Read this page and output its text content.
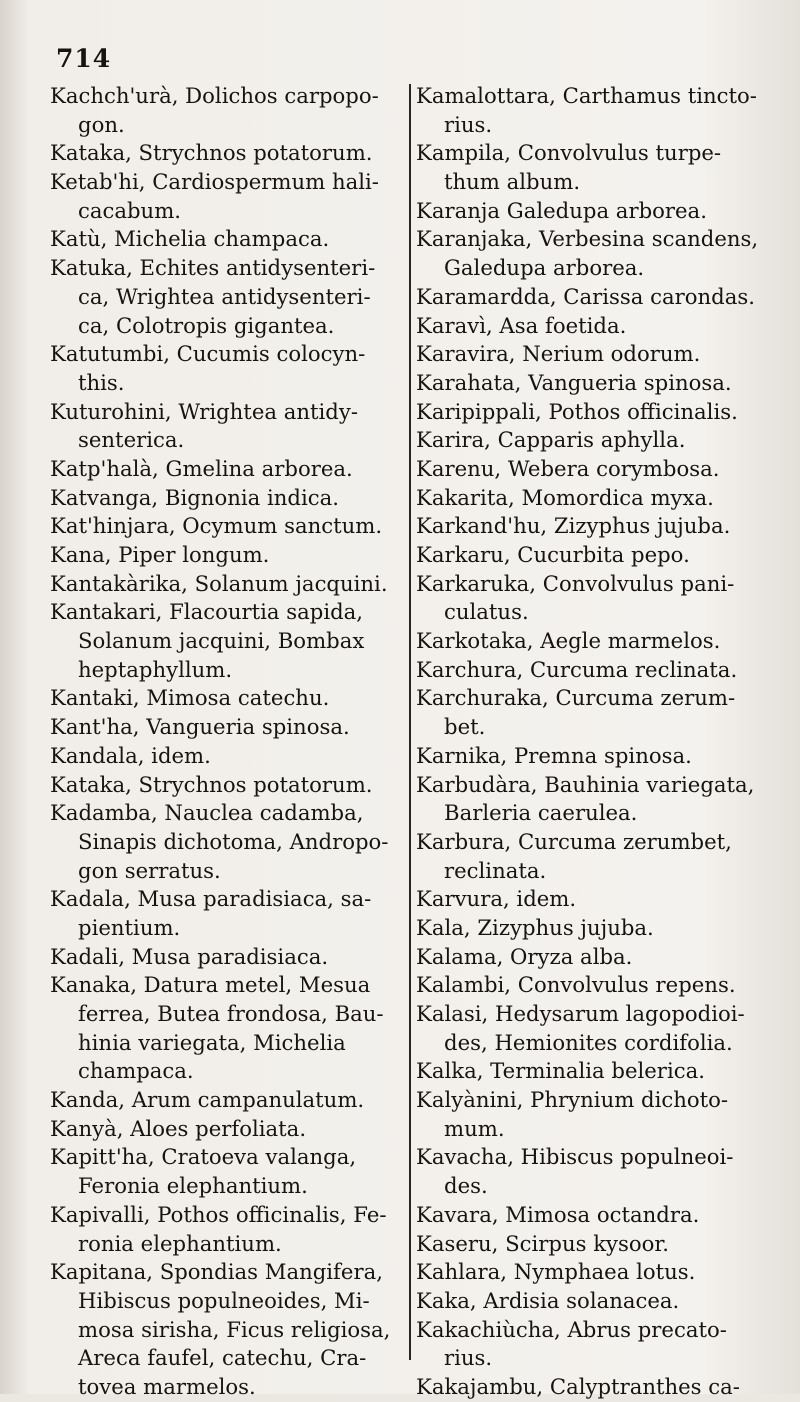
714
Kachch'urà, Dolichos carpopo-
gon.
Kataka, Strychnos potatorum.
Ketab'hi, Cardiospermum hali-
cacabum.
Katù, Michelia champaca.
Katuka, Echites antidysenteri-
ca, Wrightea antidysenteri-
ca, Colotropis gigantea.
Katutumbi, Cucumis colocyn-
this.
Kuturohini, Wrightea antidy-
senterica.
Katp'halà, Gmelina arborea.
Katvanga, Bignonia indica.
Kat'hinjara, Ocymum sanctum.
Kana, Piper longum.
Kantakàrika, Solanum jacquini.
Kantakari, Flacourtia sapida,
Solanum jacquini, Bombax
heptaphyllum.
Kantaki, Mimosa catechu.
Kant'ha, Vangueria spinosa.
Kandala, idem.
Kataka, Strychnos potatorum.
Kadamba, Nauclea cadamba,
Sinapis dichotoma, Andropo-
gon serratus.
Kadala, Musa paradisiaca, sa-
pientium.
Kadali, Musa paradisiaca.
Kanaka, Datura metel, Mesua
ferrea, Butea frondosa, Bau-
hinia variegata, Michelia
champaca.
Kanda, Arum campanulatum.
Kanyà, Aloes perfoliata.
Kapitt'ha, Cratoeva valanga,
Feronia elephantium.
Kapivalli, Pothos officinalis, Fe-
ronia elephantium.
Kapitana, Spondias Mangifera,
Hibiscus populneoides, Mi-
mosa sirisha, Ficus religiosa,
Areca faufel, catechu, Cra-
tovea marmelos.
Kamalottara, Carthamus tincto-
rius.
Kampila, Convolvulus turpe-
thum album.
Karanja Galedupa arborea.
Karanjaka, Verbesina scandens,
Galedupa arborea.
Karamardda, Carissa carondas.
Karavì, Asa foetida.
Karavira, Nerium odorum.
Karahata, Vangueria spinosa.
Karipippali, Pothos officinalis.
Karira, Capparis aphylla.
Karenu, Webera corymbosa.
Kakarita, Momordica myxa.
Karkand'hu, Zizyphus jujuba.
Karkaru, Cucurbita pepo.
Karkaruka, Convolvulus pani-
culatus.
Karkotaka, Aegle marmelos.
Karchura, Curcuma reclinata.
Karchuraka, Curcuma zerum-
bet.
Karnika, Premna spinosa.
Karbudàra, Bauhinia variegata,
Barleria caerulea.
Karbura, Curcuma zerumbet,
reclinata.
Karvura, idem.
Kala, Zizyphus jujuba.
Kalama, Oryza alba.
Kalambi, Convolvulus repens.
Kalasi, Hedysarum lagopodioi-
des, Hemionites cordifolia.
Kalka, Terminalia belerica.
Kalyànini, Phrynium dichoto-
mum.
Kavacha, Hibiscus populneoi-
des.
Kavara, Mimosa octandra.
Kaseru, Scirpus kysoor.
Kahlara, Nymphaea lotus.
Kaka, Ardisia solanacea.
Kakachiùcha, Abrus precato-
rius.
Kakajambu, Calyptranthes ca-
